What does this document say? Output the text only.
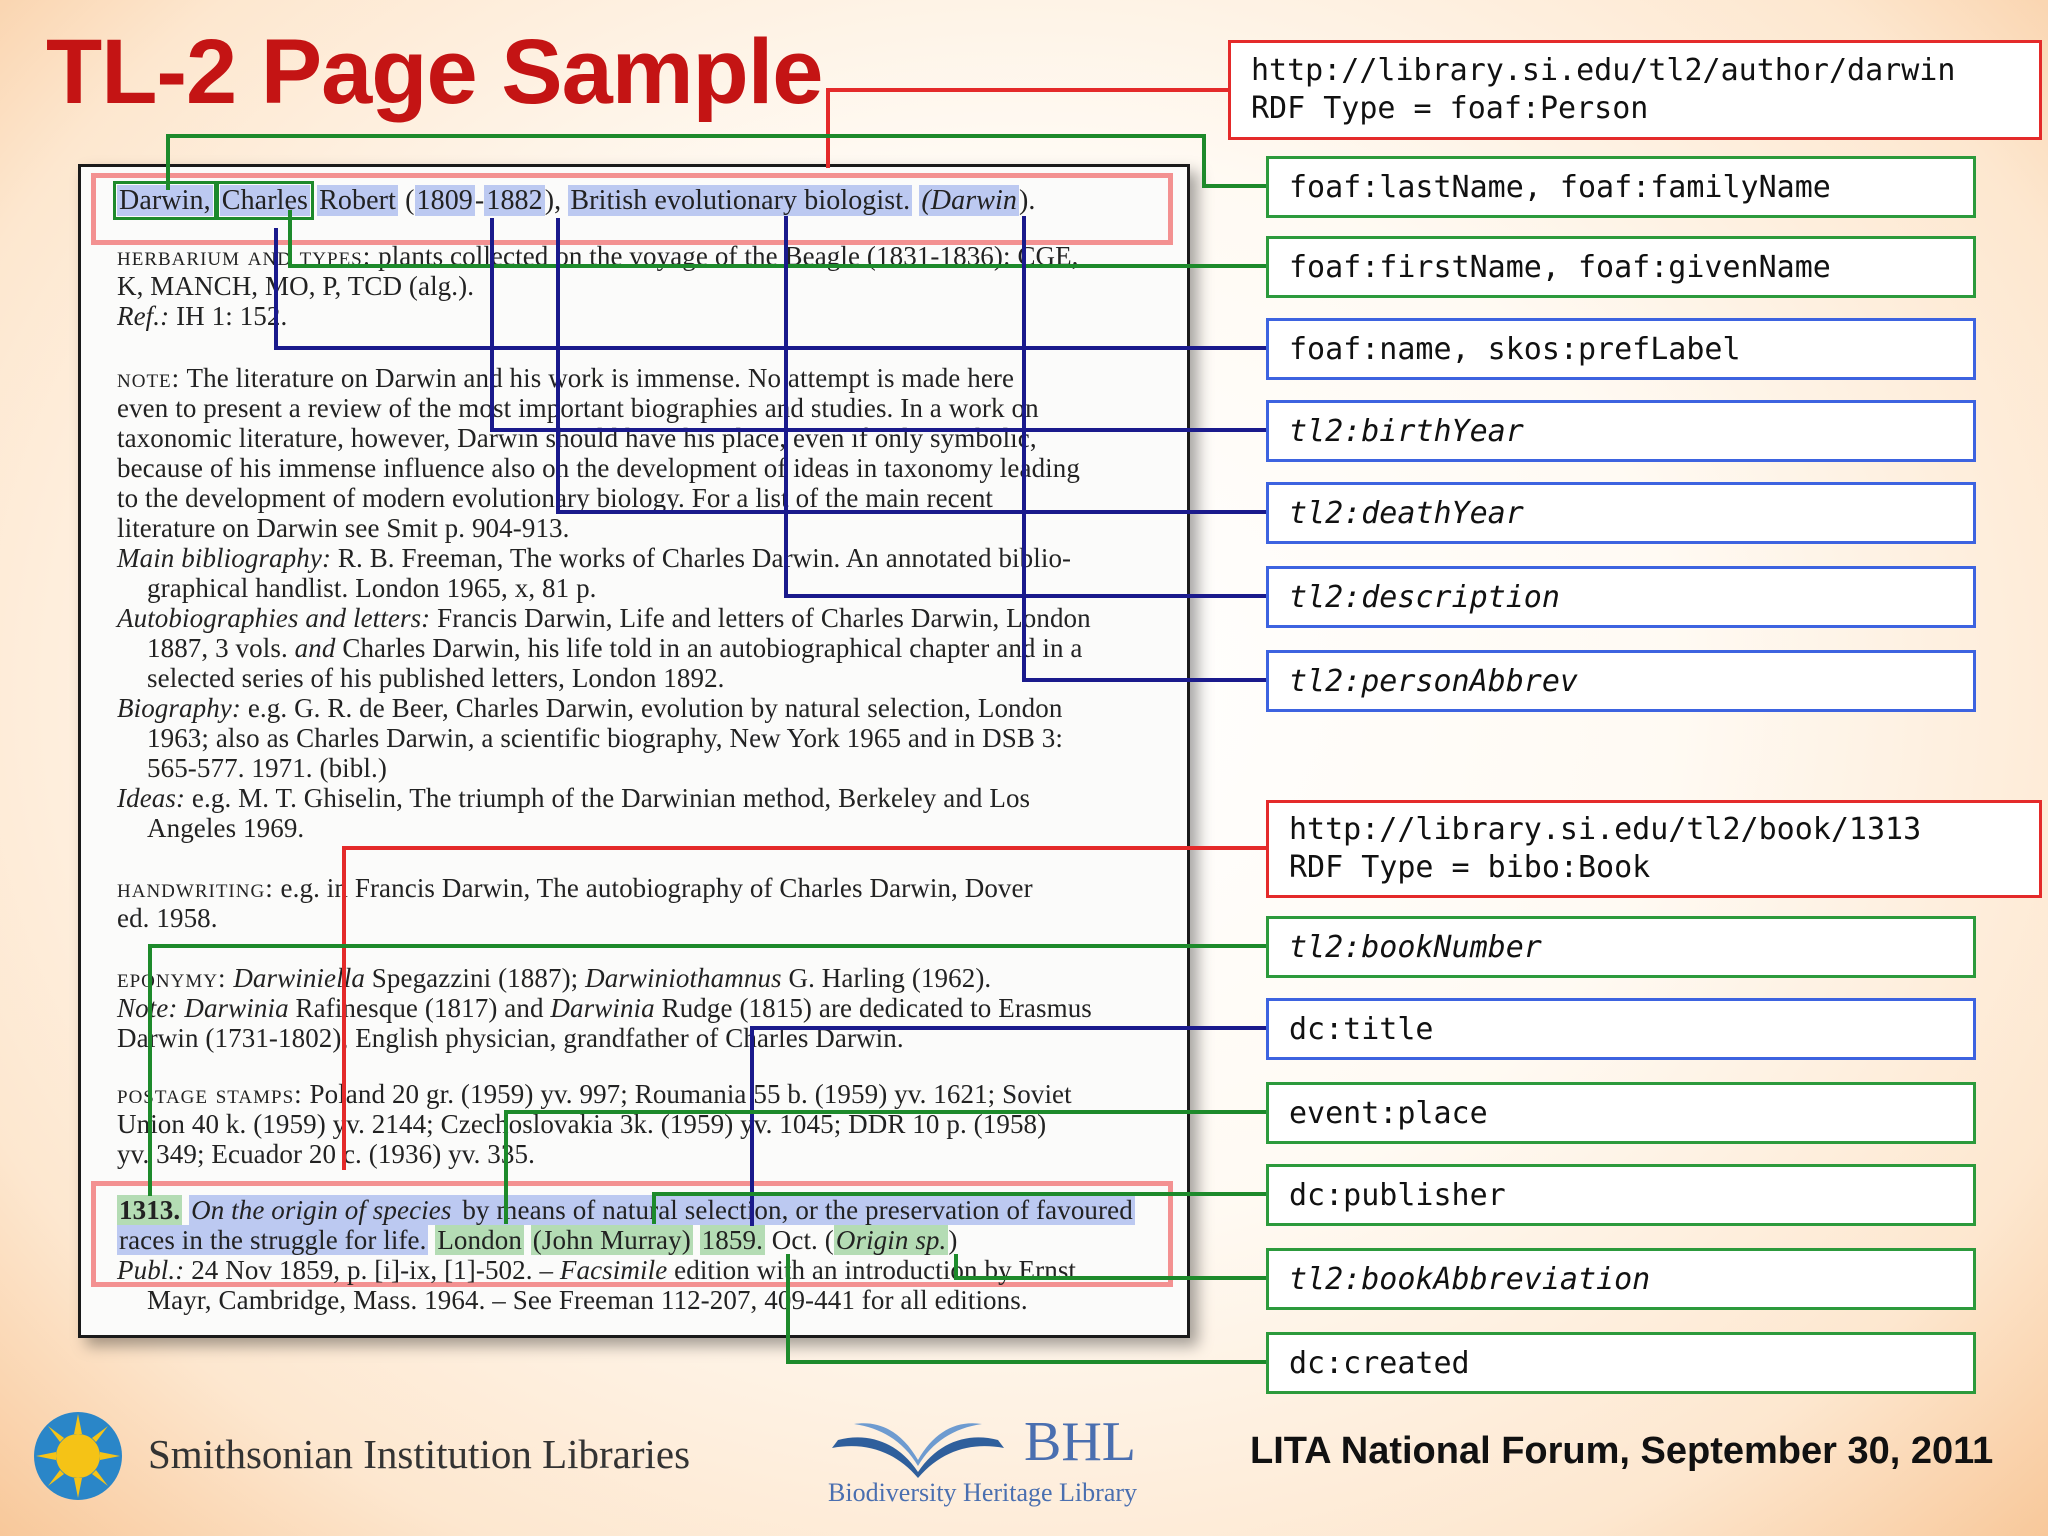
TL-2 Page Sample
Darwin, Charles Robert (1809-1882), British evolutionary biologist. (Darwin).
herbarium and types: plants collected on the voyage of the Beagle (1831-1836): CGE,
K, MANCH, MO, P, TCD (alg.).
Ref.: IH 1: 152.
note: The literature on Darwin and his work is immense. No attempt is made here
even to present a review of the most important biographies and studies. In a work on
taxonomic literature, however, Darwin should have his place, even if only symbolic,
because of his immense influence also on the development of ideas in taxonomy leading
to the development of modern evolutionary biology. For a list of the main recent
literature on Darwin see Smit p. 904-913.
Main bibliography: R. B. Freeman, The works of Charles Darwin. An annotated biblio-
graphical handlist. London 1965, x, 81 p.
Autobiographies and letters: Francis Darwin, Life and letters of Charles Darwin, London
1887, 3 vols. and Charles Darwin, his life told in an autobiographical chapter and in a
selected series of his published letters, London 1892.
Biography: e.g. G. R. de Beer, Charles Darwin, evolution by natural selection, London
1963; also as Charles Darwin, a scientific biography, New York 1965 and in DSB 3:
565-577. 1971. (bibl.)
Ideas: e.g. M. T. Ghiselin, The triumph of the Darwinian method, Berkeley and Los
Angeles 1969.
handwriting: e.g. in Francis Darwin, The autobiography of Charles Darwin, Dover
ed. 1958.
eponymy: Darwiniella Spegazzini (1887); Darwiniothamnus G. Harling (1962).
Note: Darwinia Rafinesque (1817) and Darwinia Rudge (1815) are dedicated to Erasmus
Darwin (1731-1802), English physician, grandfather of Charles Darwin.
postage stamps: Poland 20 gr. (1959) yv. 997; Roumania 55 b. (1959) yv. 1621; Soviet
Union 40 k. (1959) yv. 2144; Czechoslovakia 3k. (1959) yv. 1045; DDR 10 p. (1958)
yv. 349; Ecuador 20 c. (1936) yv. 335.
1313. On the origin of species by means of natural selection, or the preservation of favoured
races in the struggle for life. London (John Murray) 1859. Oct. (Origin sp.)
Publ.: 24 Nov 1859, p. [i]-ix, [1]-502. – Facsimile edition with an introduction by Ernst
Mayr, Cambridge, Mass. 1964. – See Freeman 112-207, 409-441 for all editions.
http://library.si.edu/tl2/author/darwin
RDF Type = foaf:Person
foaf:lastName, foaf:familyName
foaf:firstName, foaf:givenName
foaf:name, skos:prefLabel
tl2:birthYear
tl2:deathYear
tl2:description
tl2:personAbbrev
http://library.si.edu/tl2/book/1313
RDF Type = bibo:Book
tl2:bookNumber
dc:title
event:place
dc:publisher
tl2:bookAbbreviation
dc:created
Smithsonian Institution Libraries	BHL
Biodiversity Heritage Library
LITA National Forum, September 30, 2011
